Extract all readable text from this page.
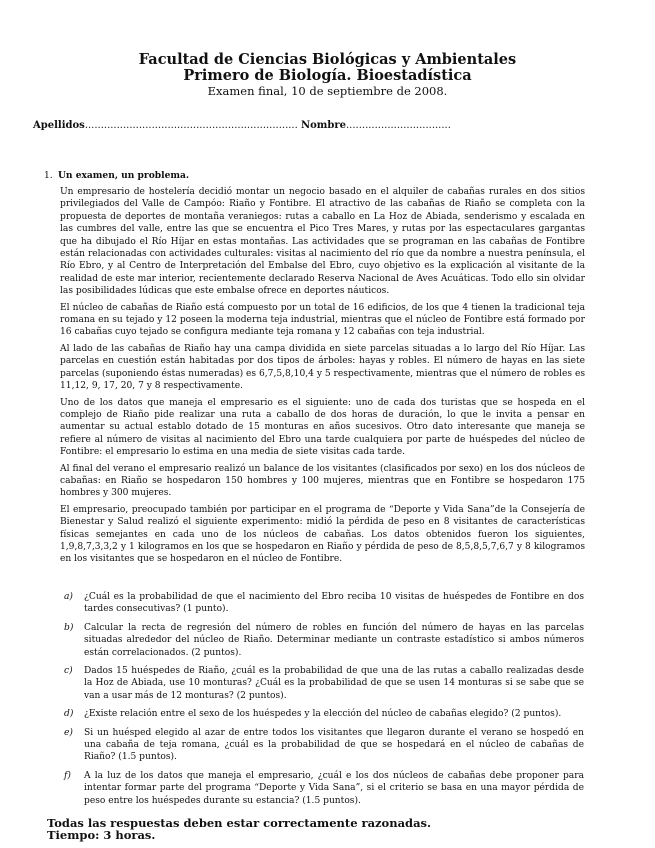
Facultad de Ciencias Biológicas y Ambientales
Primero de Biología. Bioestadística
Examen final, 10 de septiembre de 2008.
Apellidos................................................................... Nombre.................................
1. Un examen, un problema.

Un empresario de hostelería decidió montar un negocio basado en el alquiler de cabañas rurales en dos sitios privilegiados del Valle de Campóo: Riaño y Fontibre. El atractivo de las cabañas de Riaño se completa con la propuesta de deportes de montaña veraniegos: rutas a caballo en La Hoz de Abiada, senderismo y escalada en las cumbres del valle, entre las que se encuentra el Pico Tres Mares, y rutas por las espectaculares gargantas que ha dibujado el Río Híjar en estas montañas. Las actividades que se programan en las cabañas de Fontibre están relacionadas con actividades culturales: visitas al nacimiento del río que da nombre a nuestra península, el Río Ebro, y al Centro de Interpretación del Embalse del Ebro, cuyo objetivo es la explicación al visitante de la realidad de este mar interior, recientemente declarado Reserva Nacional de Aves Acuáticas. Todo ello sin olvidar las posibilidades lúdicas que este embalse ofrece en deportes náuticos.

El núcleo de cabañas de Riaño está compuesto por un total de 16 edificios, de los que 4 tienen la tradicional teja romana en su tejado y 12 poseen la moderna teja industrial, mientras que el núcleo de Fontibre está formado por 16 cabañas cuyo tejado se configura mediante teja romana y 12 cabañas con teja industrial.

Al lado de las cabañas de Riaño hay una campa dividida en siete parcelas situadas a lo largo del Río Híjar. Las parcelas en cuestión están habitadas por dos tipos de árboles: hayas y robles. El número de hayas en las siete parcelas (suponiendo éstas numeradas) es 6,7,5,8,10,4 y 5 respectivamente, mientras que el número de robles es 11,12, 9, 17, 20, 7 y 8 respectivamente.

Uno de los datos que maneja el empresario es el siguiente: uno de cada dos turistas que se hospeda en el complejo de Riaño pide realizar una ruta a caballo de dos horas de duración, lo que le invita a pensar en aumentar su actual establo dotado de 15 monturas en años sucesivos. Otro dato interesante que maneja se refiere al número de visitas al nacimiento del Ebro una tarde cualquiera por parte de huéspedes del núcleo de Fontibre: el empresario lo estima en una media de siete visitas cada tarde.

Al final del verano el empresario realizó un balance de los visitantes (clasificados por sexo) en los dos núcleos de cabañas: en Riaño se hospedaron 150 hombres y 100 mujeres, mientras que en Fontibre se hospedaron 175 hombres y 300 mujeres.

El empresario, preocupado también por participar en el programa de “Deporte y Vida Sana”de la Consejería de Bienestar y Salud realizó el siguiente experimento: midió la pérdida de peso en 8 visitantes de características físicas semejantes en cada uno de los núcleos de cabañas. Los datos obtenidos fueron los siguientes, 1,9,8,7,3,3,2 y 1 kilogramos en los que se hospedaron en Riaño y pérdida de peso de 8,5,8,5,7,6,7 y 8 kilogramos en los visitantes que se hospedaron en el núcleo de Fontibre.

a) ¿Cuál es la probabilidad de que el nacimiento del Ebro reciba 10 visitas de huéspedes de Fontibre en dos tardes consecutivas? (1 punto).
b) Calcular la recta de regresión del número de robles en función del número de hayas en las parcelas situadas alrededor del núcleo de Riaño. Determinar mediante un contraste estadístico si ambos números están correlacionados. (2 puntos).
c) Dados 15 huéspedes de Riaño, ¿cuál es la probabilidad de que una de las rutas a caballo realizadas desde la Hoz de Abiada, use 10 monturas? ¿Cuál es la probabilidad de que se usen 14 monturas si se sabe que se van a usar más de 12 monturas? (2 puntos).
d) ¿Existe relación entre el sexo de los huéspedes y la elección del núcleo de cabañas elegido? (2 puntos).
e) Si un huésped elegido al azar de entre todos los visitantes que llegaron durante el verano se hospedó en una cabaña de teja romana, ¿cuál es la probabilidad de que se hospedará en el núcleo de cabañas de Riaño? (1.5 puntos).
f) A la luz de los datos que maneja el empresario, ¿cuál e los dos núcleos de cabañas debe proponer para intentar formar parte del programa “Deporte y Vida Sana”, si el criterio se basa en una mayor pérdida de peso entre los huéspedes durante su estancia? (1.5 puntos).
Todas las respuestas deben estar correctamente razonadas.
Tiempo: 3 horas.
